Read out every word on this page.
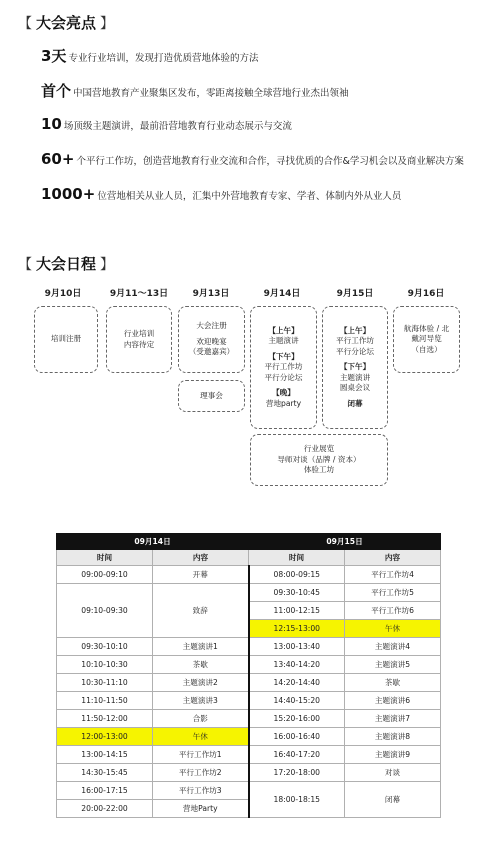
【 大会亮点 】
3天 专业行业培训，发现打造优质营地体验的方法
首个 中国营地教育产业聚集区发布，零距离接触全球营地行业杰出领袖
10 场顶级主题演讲，最前沿营地教育行业动态展示与交流
60+ 个平行工作坊，创造营地教育行业交流和合作，寻找优质的合作&学习机会以及商业解决方案
1000+ 位营地相关从业人员，汇集中外营地教育专家、学者、体制内外从业人员
【 大会日程 】
9月10日	9月11～13日	9月13日	9月14日	9月15日	9月16日
培训注册
行业培训
内容待定
大会注册
欢迎晚宴
（受邀嘉宾）
理事会
【上午】
主题演讲
【下午】
平行工作坊
平行分论坛
【晚】
营地party
【上午】
平行工作坊
平行分论坛
【下午】
主题演讲
圆桌会议
闭幕
航海体验 / 北
戴河导览
（自选）
行业展览
导师对谈（品牌 / 资本）
体验工坊
09月14日		09月15日	
时间	内容	时间	内容
09:00-09:10	开幕	08:00-09:15	平行工作坊4
09:10-09:30	致辞	09:30-10:45	平行工作坊5
		11:00-12:15	平行工作坊6
		12:15-13:00	午休
09:30-10:10	主题演讲1	13:00-13:40	主题演讲4
10:10-10:30	茶歇	13:40-14:20	主题演讲5
10:30-11:10	主题演讲2	14:20-14:40	茶歇
11:10-11:50	主题演讲3	14:40-15:20	主题演讲6
11:50-12:00	合影	15:20-16:00	主题演讲7
12:00-13:00	午休	16:00-16:40	主题演讲8
13:00-14:15	平行工作坊1	16:40-17:20	主题演讲9
14:30-15:45	平行工作坊2	17:20-18:00	对谈
16:00-17:15	平行工作坊3	18:00-18:15	闭幕
20:00-22:00	营地Party		
